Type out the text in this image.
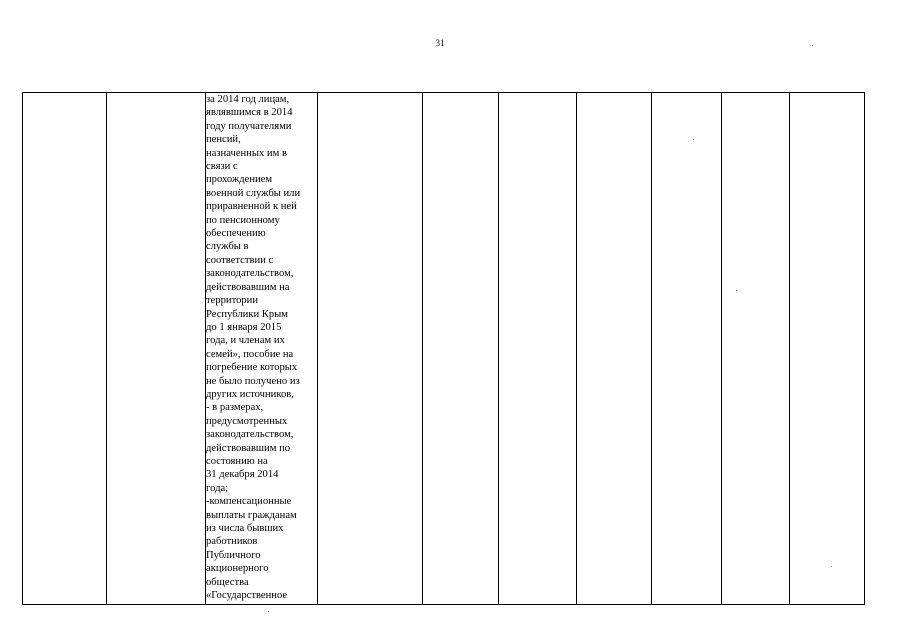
31

за 2014 год лицам,
являвшимся в 2014
году получателями
пенсий,
назначенных им в
связи с
прохождением
военной службы или
приравненной к ней
по пенсионному
обеспечению
службы в
соответствии с
законодательством,
действовавшим на
территории
Республики Крым
до 1 января 2015
года, и членам их
семей», пособие на
погребение которых
не было получено из
других источников,
- в размерах,
предусмотренных
законодательством,
действовавшим по
состоянию на
31 декабря 2014
года;
-компенсационные
выплаты гражданам
из числа бывших
работников
Публичного
акционерного
общества
«Государственное
